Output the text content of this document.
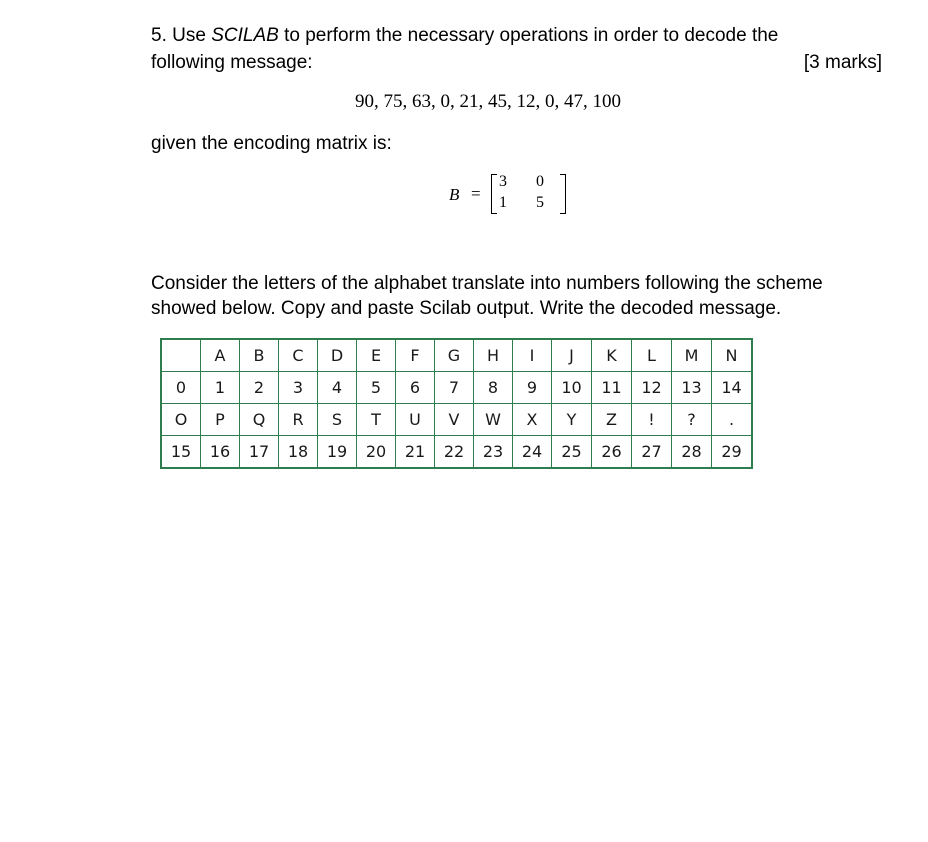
5. Use SCILAB to perform the necessary operations in order to decode the
following message:	[3 marks]
90, 75, 63, 0, 21, 45, 12, 0, 47, 100
given the encoding matrix is:
B =
3 0
1 5
Consider the letters of the alphabet translate into numbers following the scheme
showed below. Copy and paste Scilab output. Write the decoded message.
	A	B	C	D	E	F	G	H	I	J	K	L	M	N
0	1	2	3	4	5	6	7	8	9	10	11	12	13	14
O	P	Q	R	S	T	U	V	W	X	Y	Z	!	?	.
15	16	17	18	19	20	21	22	23	24	25	26	27	28	29
